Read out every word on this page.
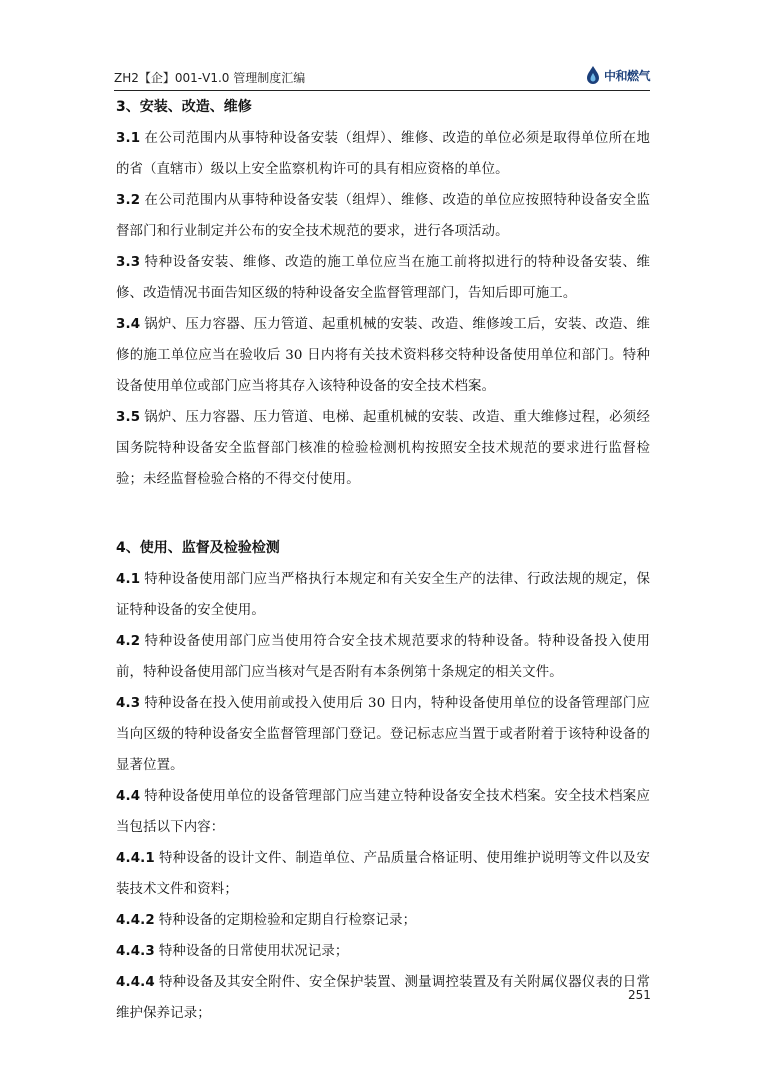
ZH2【企】001-V1.0 管理制度汇编	中和燃气

3、安装、改造、维修

3.1 在公司范围内从事特种设备安装（组焊）、维修、改造的单位必须是取得单位所在地的省（直辖市）级以上安全监察机构许可的具有相应资格的单位。

3.2 在公司范围内从事特种设备安装（组焊）、维修、改造的单位应按照特种设备安全监督部门和行业制定并公布的安全技术规范的要求，进行各项活动。

3.3 特种设备安装、维修、改造的施工单位应当在施工前将拟进行的特种设备安装、维修、改造情况书面告知区级的特种设备安全监督管理部门，告知后即可施工。

3.4 锅炉、压力容器、压力管道、起重机械的安装、改造、维修竣工后，安装、改造、维修的施工单位应当在验收后 30 日内将有关技术资料移交特种设备使用单位和部门。特种设备使用单位或部门应当将其存入该特种设备的安全技术档案。

3.5 锅炉、压力容器、压力管道、电梯、起重机械的安装、改造、重大维修过程，必须经国务院特种设备安全监督部门核准的检验检测机构按照安全技术规范的要求进行监督检验；未经监督检验合格的不得交付使用。

4、使用、监督及检验检测

4.1 特种设备使用部门应当严格执行本规定和有关安全生产的法律、行政法规的规定，保证特种设备的安全使用。

4.2 特种设备使用部门应当使用符合安全技术规范要求的特种设备。特种设备投入使用前，特种设备使用部门应当核对气是否附有本条例第十条规定的相关文件。

4.3 特种设备在投入使用前或投入使用后 30 日内，特种设备使用单位的设备管理部门应当向区级的特种设备安全监督管理部门登记。登记标志应当置于或者附着于该特种设备的显著位置。

4.4 特种设备使用单位的设备管理部门应当建立特种设备安全技术档案。安全技术档案应当包括以下内容：

4.4.1 特种设备的设计文件、制造单位、产品质量合格证明、使用维护说明等文件以及安装技术文件和资料；

4.4.2 特种设备的定期检验和定期自行检察记录；

4.4.3 特种设备的日常使用状况记录；

4.4.4 特种设备及其安全附件、安全保护装置、测量调控装置及有关附属仪器仪表的日常维护保养记录；

251
